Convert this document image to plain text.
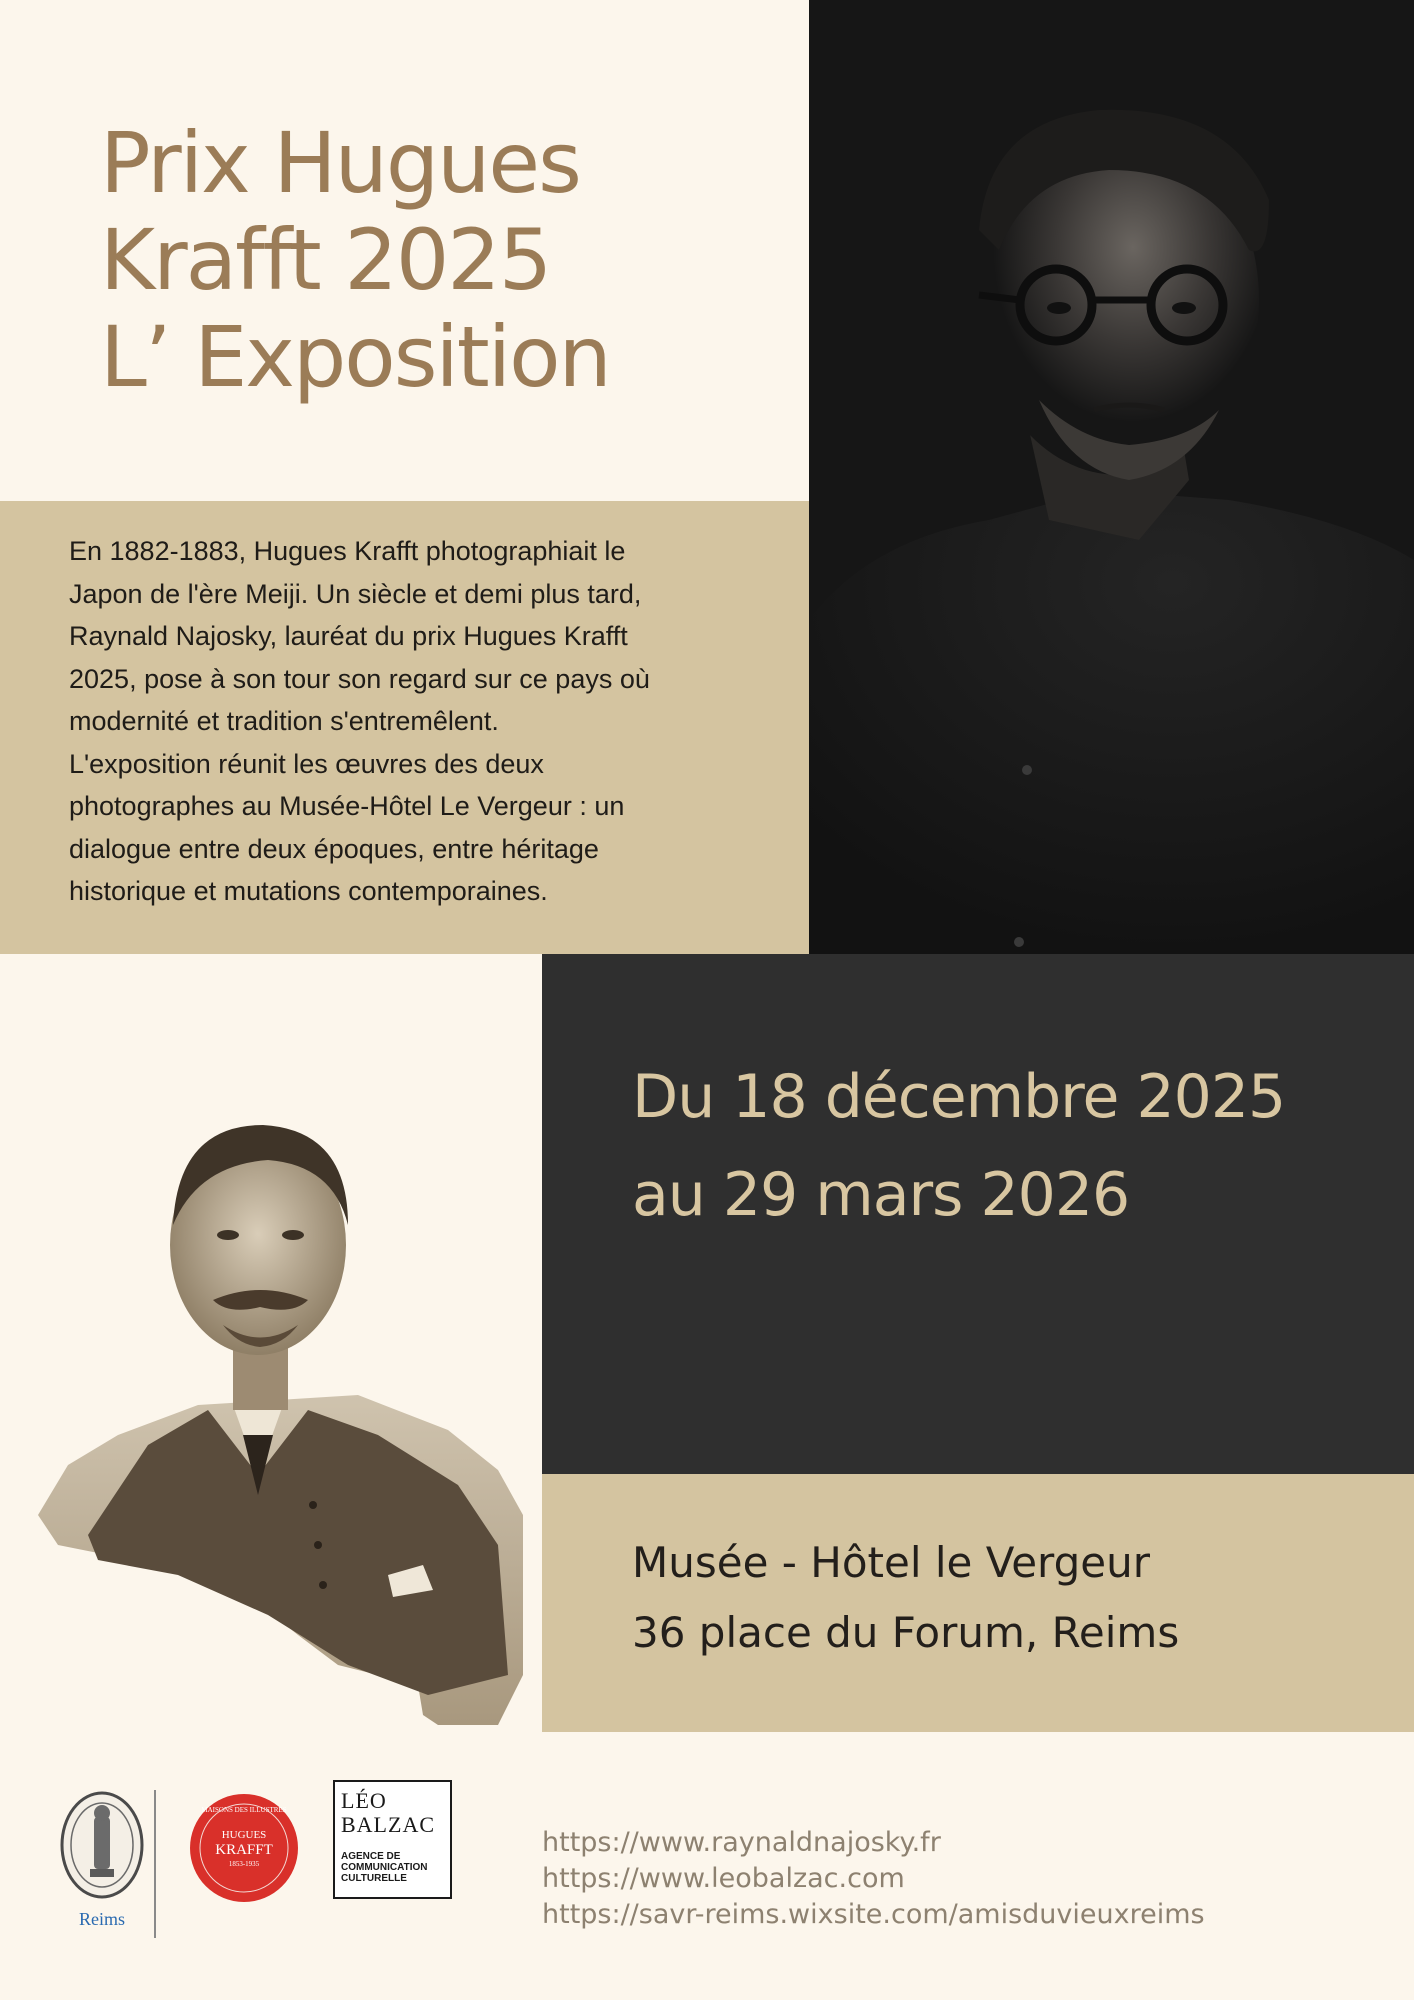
Prix Hugues
Krafft 2025
L’ Exposition
En 1882-1883, Hugues Krafft photographiait le
Japon de l'ère Meiji. Un siècle et demi plus tard,
Raynald Najosky, lauréat du prix Hugues Krafft
2025, pose à son tour son regard sur ce pays où
modernité et tradition s'entremêlent.
L'exposition réunit les œuvres des deux
photographes au Musée-Hôtel Le Vergeur : un
dialogue entre deux époques, entre héritage
historique et mutations contemporaines.
Du 18 décembre 2025
au 29 mars 2026
Musée - Hôtel le Vergeur
36 place du Forum, Reims
Reims
MAISONS DES ILLUSTRES
HUGUES
KRAFFT
1853-1935
LÉO
BALZAC
AGENCE DE
COMMUNICATION
CULTURELLE
https://www.raynaldnajosky.fr
https://www.leobalzac.com
https://savr-reims.wixsite.com/amisduvieuxreims
